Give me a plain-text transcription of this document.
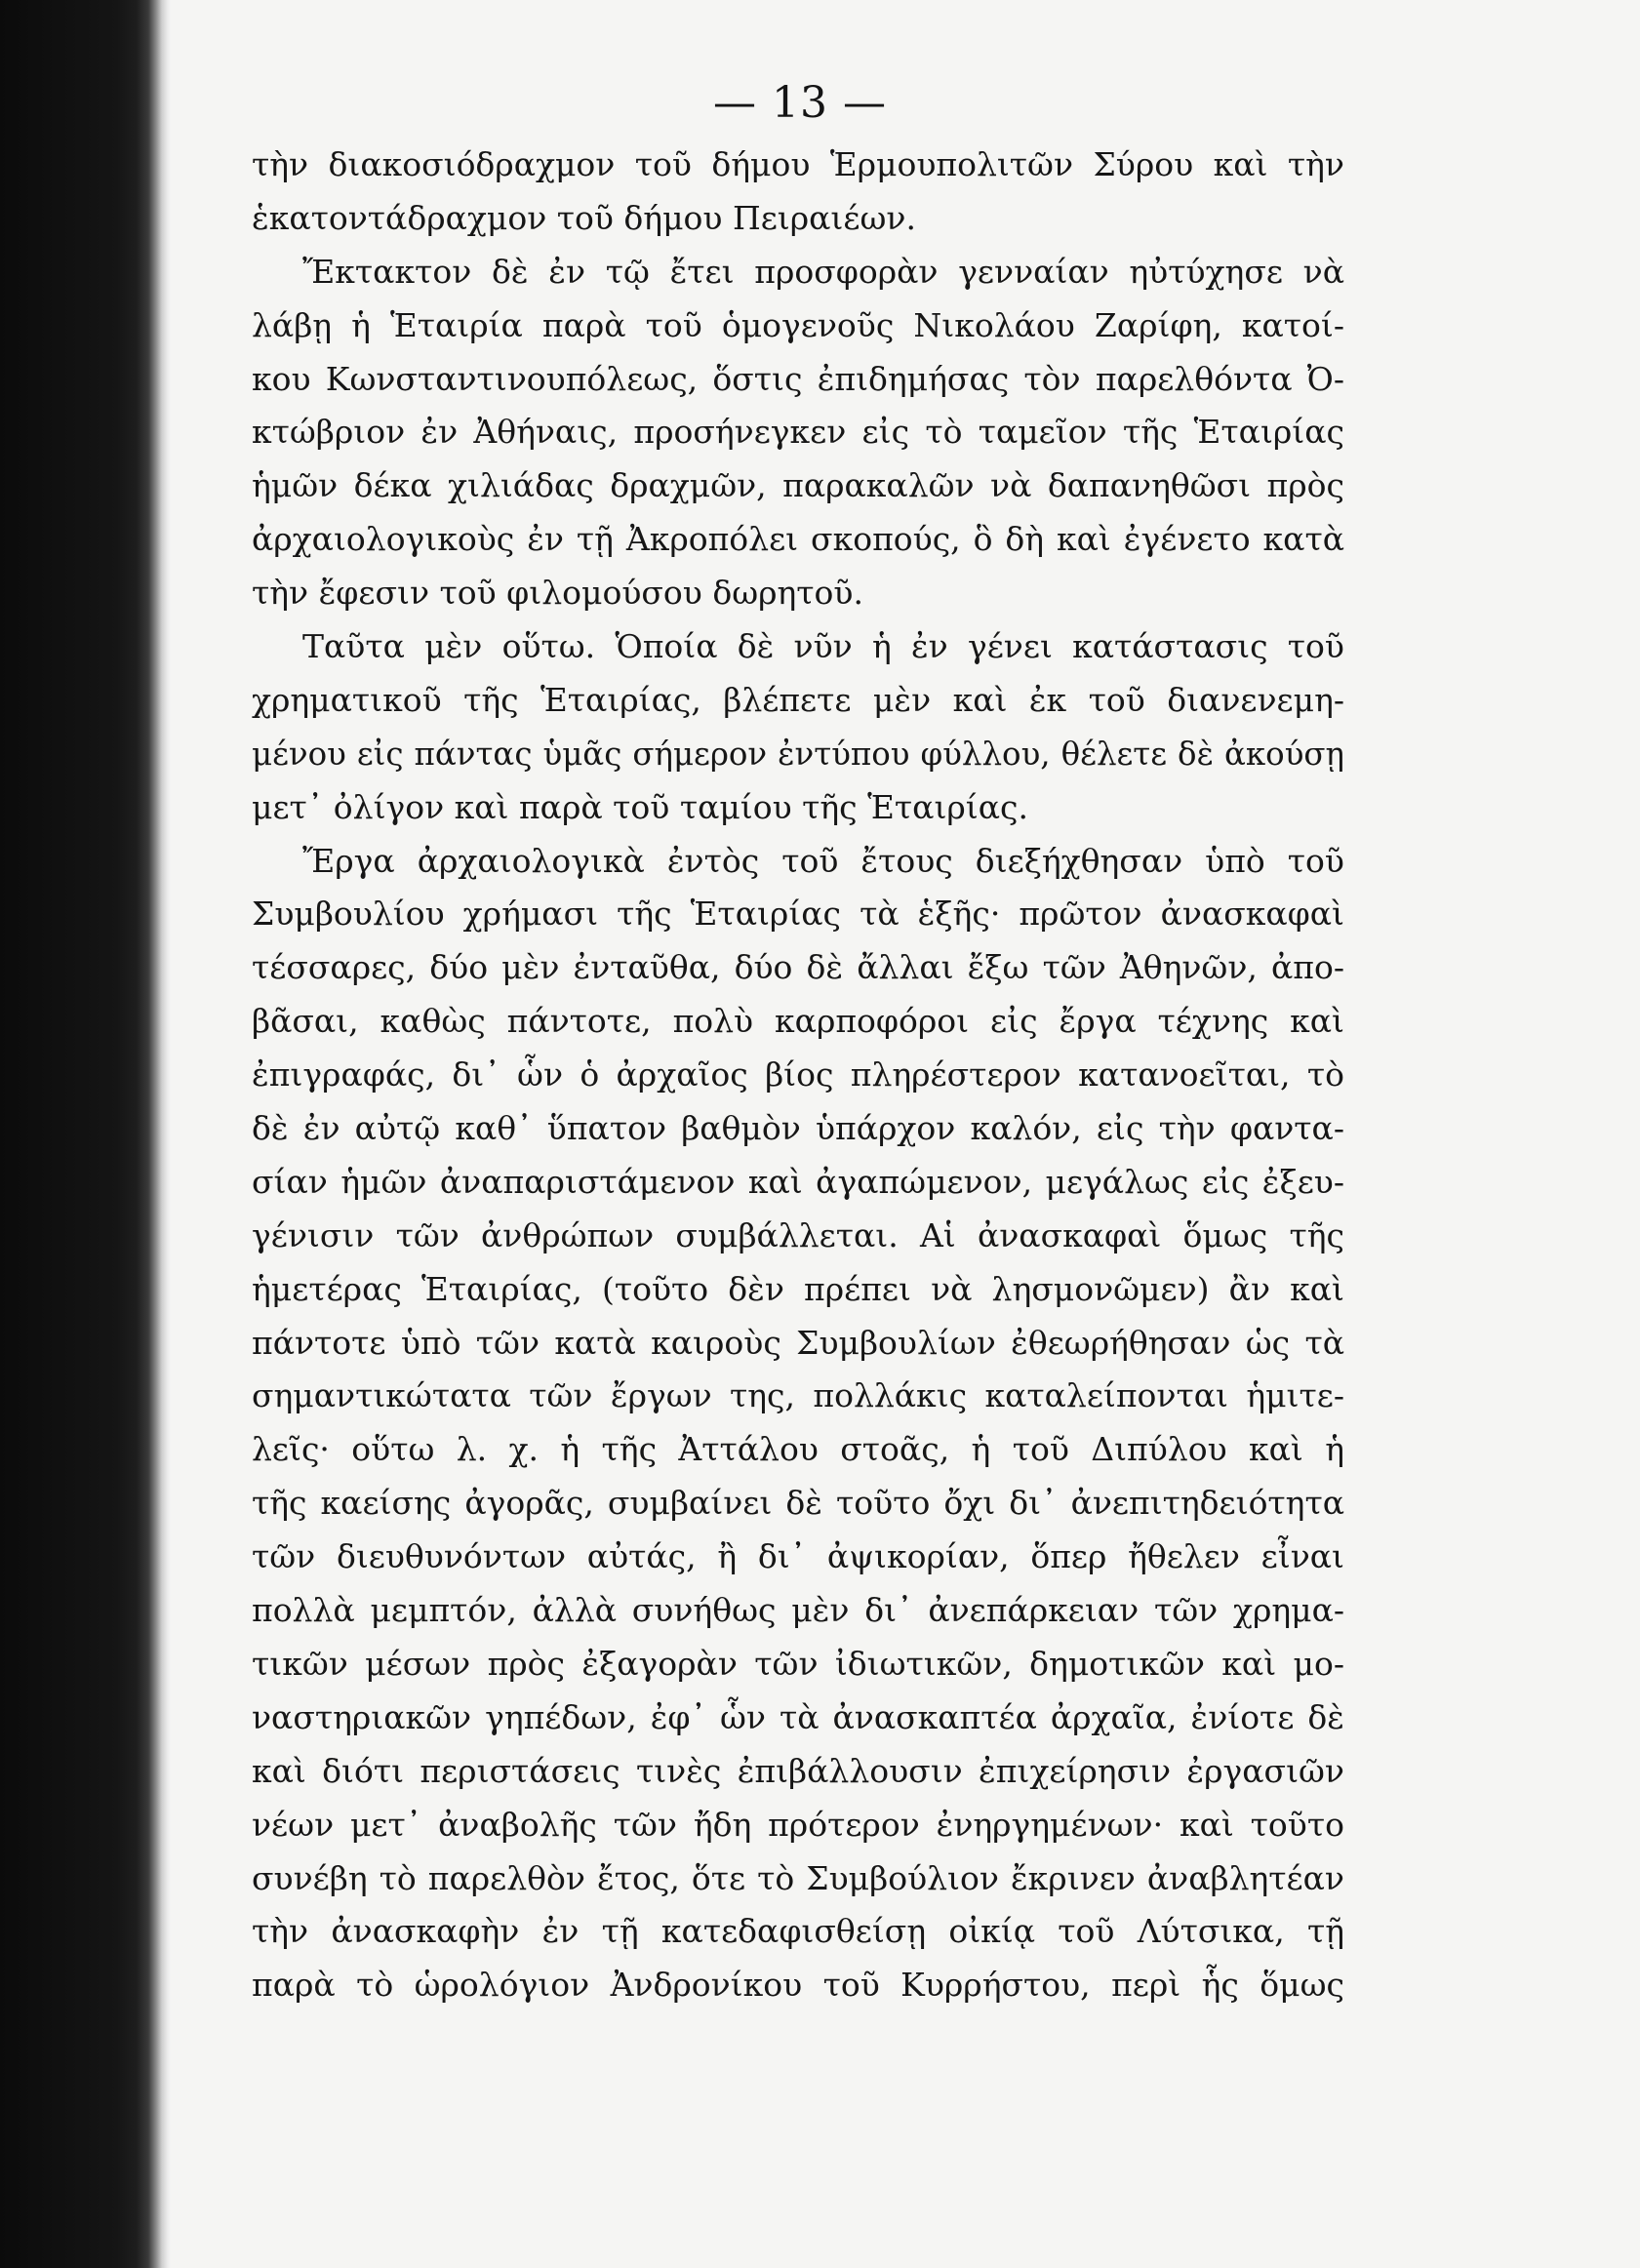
— 13 —
τὴν διακοσιόδραχμον τοῦ δήμου Ἑρμουπολιτῶν Σύρου καὶ τὴν
ἑκατοντάδραχμον τοῦ δήμου Πειραιέων.
Ἔκτακτον δὲ ἐν τῷ ἔτει προσφορὰν γενναίαν ηὐτύχησε νὰ
λάβῃ ἡ Ἑταιρία παρὰ τοῦ ὁμογενοῦς Νικολάου Ζαρίφη, κατοί-
κου Κωνσταντινουπόλεως, ὅστις ἐπιδημήσας τὸν παρελθόντα Ὀ-
κτώβριον ἐν Ἀθήναις, προσήνεγκεν εἰς τὸ ταμεῖον τῆς Ἑταιρίας
ἡμῶν δέκα χιλιάδας δραχμῶν, παρακαλῶν νὰ δαπανηθῶσι πρὸς
ἀρχαιολογικοὺς ἐν τῇ Ἀκροπόλει σκοπούς, ὃ δὴ καὶ ἐγένετο κατὰ
τὴν ἔφεσιν τοῦ φιλομούσου δωρητοῦ.
Ταῦτα μὲν οὕτω. Ὁποία δὲ νῦν ἡ ἐν γένει κατάστασις τοῦ
χρηματικοῦ τῆς Ἑταιρίας, βλέπετε μὲν καὶ ἐκ τοῦ διανενεμη-
μένου εἰς πάντας ὑμᾶς σήμερον ἐντύπου φύλλου, θέλετε δὲ ἀκούσῃ
μετ᾽ ὀλίγον καὶ παρὰ τοῦ ταμίου τῆς Ἑταιρίας.
Ἔργα ἀρχαιολογικὰ ἐντὸς τοῦ ἔτους διεξήχθησαν ὑπὸ τοῦ
Συμβουλίου χρήμασι τῆς Ἑταιρίας τὰ ἑξῆς· πρῶτον ἀνασκαφαὶ
τέσσαρες, δύο μὲν ἐνταῦθα, δύο δὲ ἄλλαι ἔξω τῶν Ἀθηνῶν, ἀπο-
βᾶσαι, καθὼς πάντοτε, πολὺ καρποφόροι εἰς ἔργα τέχνης καὶ
ἐπιγραφάς, δι᾽ ὧν ὁ ἀρχαῖος βίος πληρέστερον κατανοεῖται, τὸ
δὲ ἐν αὐτῷ καθ᾽ ὕπατον βαθμὸν ὑπάρχον καλόν, εἰς τὴν φαντα-
σίαν ἡμῶν ἀναπαριστάμενον καὶ ἀγαπώμενον, μεγάλως εἰς ἐξευ-
γένισιν τῶν ἀνθρώπων συμβάλλεται. Αἱ ἀνασκαφαὶ ὅμως τῆς
ἡμετέρας Ἑταιρίας, (τοῦτο δὲν πρέπει νὰ λησμονῶμεν) ἂν καὶ
πάντοτε ὑπὸ τῶν κατὰ καιροὺς Συμβουλίων ἐθεωρήθησαν ὡς τὰ
σημαντικώτατα τῶν ἔργων της, πολλάκις καταλείπονται ἡμιτε-
λεῖς· οὕτω λ. χ. ἡ τῆς Ἀττάλου στοᾶς, ἡ τοῦ Διπύλου καὶ ἡ
τῆς καείσης ἀγορᾶς, συμβαίνει δὲ τοῦτο ὄχι δι᾽ ἀνεπιτηδειότητα
τῶν διευθυνόντων αὐτάς, ἢ δι᾽ ἀψικορίαν, ὅπερ ἤθελεν εἶναι
πολλὰ μεμπτόν, ἀλλὰ συνήθως μὲν δι᾽ ἀνεπάρκειαν τῶν χρημα-
τικῶν μέσων πρὸς ἐξαγορὰν τῶν ἰδιωτικῶν, δημοτικῶν καὶ μο-
ναστηριακῶν γηπέδων, ἐφ᾽ ὧν τὰ ἀνασκαπτέα ἀρχαῖα, ἐνίοτε δὲ
καὶ διότι περιστάσεις τινὲς ἐπιβάλλουσιν ἐπιχείρησιν ἐργασιῶν
νέων μετ᾽ ἀναβολῆς τῶν ἤδη πρότερον ἐνηργημένων· καὶ τοῦτο
συνέβη τὸ παρελθὸν ἔτος, ὅτε τὸ Συμβούλιον ἔκρινεν ἀναβλητέαν
τὴν ἀνασκαφὴν ἐν τῇ κατεδαφισθείσῃ οἰκίᾳ τοῦ Λύτσικα, τῇ
παρὰ τὸ ὡρολόγιον Ἀνδρονίκου τοῦ Κυρρήστου, περὶ ἧς ὅμως
